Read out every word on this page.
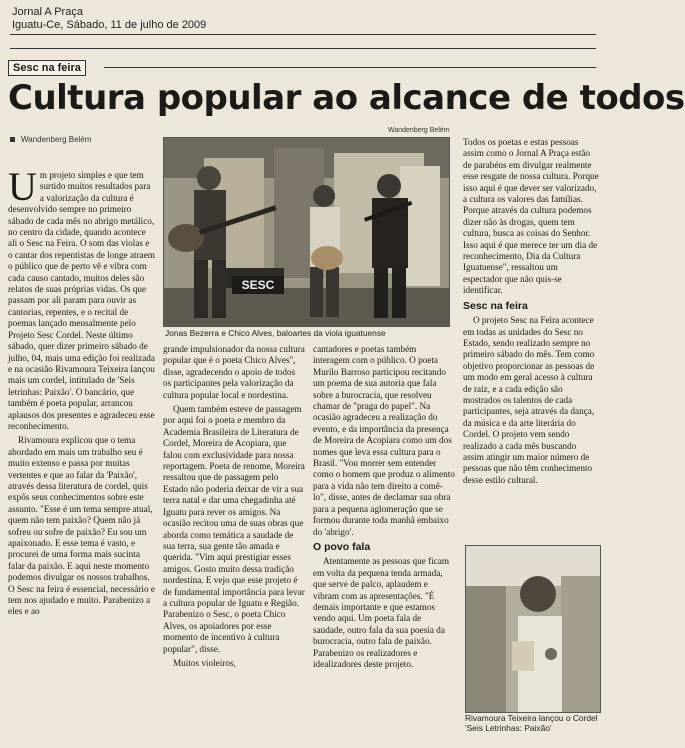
Jornal A Praça
Iguatu-Ce, Sábado, 11 de julho de 2009
Sesc na feira
Cultura popular ao alcance de todos
Wandenberg Belém
Wandenberg Belém
SESC
Jonas Bezerra e Chico Alves, baloartes da viola iguatuense

Um projeto simples e que tem surtido muitos resultados para a valorização da cultura é desenvolvido sempre no primeiro sábado de cada mês no abrigo metálico, no centro da cidade, quando acontece ali o Sesc na Feira. O som das violas e o cantar dos repentistas de longe atraem o público que de perto vê e vibra com cada causo cantado, muitos deles são relatos de suas próprias vidas. Os que passam por ali param para ouvir as cantorias, repentes, e o recital de poemas lançado mensalmente pelo Projeto Sesc Cordel. Neste último sábado, quer dizer primeiro sábado de julho, 04, mais uma edição foi realizada e na ocasião Rivamoura Teixeira lançou mais um cordel, intitulado de 'Seis letrinhas: Paixão'. O bancário, que também é poeta popular, arrancou aplausos dos presentes e agradeceu esse reconhecimento.

Rivamoura explicou que o tema abordado em mais um trabalho seu é muito extenso e passa por muitas vertentes e que ao falar da 'Paixão', através dessa literatura de cordel, quis expôs seus conhecimentos sobre este assunto. "Esse é um tema sempre atual, quem não tem paixão? Quem não já sofreu ou sofre de paixão? Eu sou um apaixonado. E esse tema é vasto, e procurei de uma forma mais sucinta falar da paixão. E aqui neste momento podemos divulgar os nossos trabalhos. O Sesc na feira é essencial, necessário e tem nos ajudado e muito. Parabenizo a eles e ao

grande impulsionador da nossa cultura popular que é o poeta Chico Alves", disse, agradecendo o apoio de todos os participantes pela valorização da cultura popular local e nordestina.

Quem também esteve de passagem por aqui foi o poeta e membro da Academia Brasileira de Literatura de Cordel, Moreira de Acopiara, que falou com exclusividade para nossa reportagem. Poeta de renome, Moreira ressaltou que de passagem pelo Estado não poderia deixar de vir a sua terra natal e dar uma chegadinha até Iguatu para rever os amigos. Na ocasião recitou uma de suas obras que aborda como temática a saudade de sua terra, sua gente tão amada e querida. "Vim aqui prestigiar esses amigos. Gosto muito dessa tradição nordestina. E vejo que esse projeto é de fundamental importância para levar a cultura popular de Iguatu e Região. Parabenizo o Sesc, o poeta Chico Alves, os apoiadores por esse momento de incentivo à cultura popular", disse.

Muitos violeiros,

cantadores e poetas também interagem com o público. O poeta Murilo Barroso participou recitando um poema de sua autoria que fala sobre a burocracia, que resolveu chamar de "praga do papel". Na ocasião agradeceu a realização do evento, e da importância da presença de Moreira de Acopiara como um dos nomes que leva essa cultura para o Brasil. "Vou morrer sem entender como o homem que produz o alimento para a vida não tem direito a comê-lo", disse, antes de declamar sua obra para a pequena aglomeração que se formou durante toda manhã embaixo do 'abrigo'.

O povo fala

Atentamente as pessoas que ficam em volta da pequena tenda armada, que serve de palco, aplaudem e vibram com as apresentações. "É demais importante e que estamos vendo aqui. Um poeta fala de saudade, outro fala da sua poesia da burocracia, outro fala de paixão. Parabenizo os realizadores e idealizadores deste projeto.

Todos os poetas e estas pessoas assim como o Jornal A Praça estão de parabéns em divulgar realmente esse resgate de nossa cultura. Porque isso aqui é que dever ser valorizado, a cultura os valores das famílias. Porque através da cultura podemos dizer não às drogas, quem tem cultura, busca as coisas do Senhor. Isso aqui é que merece ter um dia de reconhecimento, Dia da Cultura Iguatuense", ressaltou um espectador que não quis-se identificar.

Sesc na feira

O projeto Sesc na Feira acontece em todas as unidades do Sesc no Estado, sendo realizado sempre no primeiro sábado do mês. Tem como objetivo proporcionar as pessoas de um modo em geral acesso à cultura de raiz, e a cada edição são mostrados os talentos de cada participantes, seja através da dança, da música e da arte literária do Cordel. O projeto vem sendo realizado a cada mês buscando assim atingir um maior número de pessoas que não têm conhecimento desse estilo cultural.

Rivamoura Teixeira lançou o Cordel 'Seis Letrinhas: Paixão'
